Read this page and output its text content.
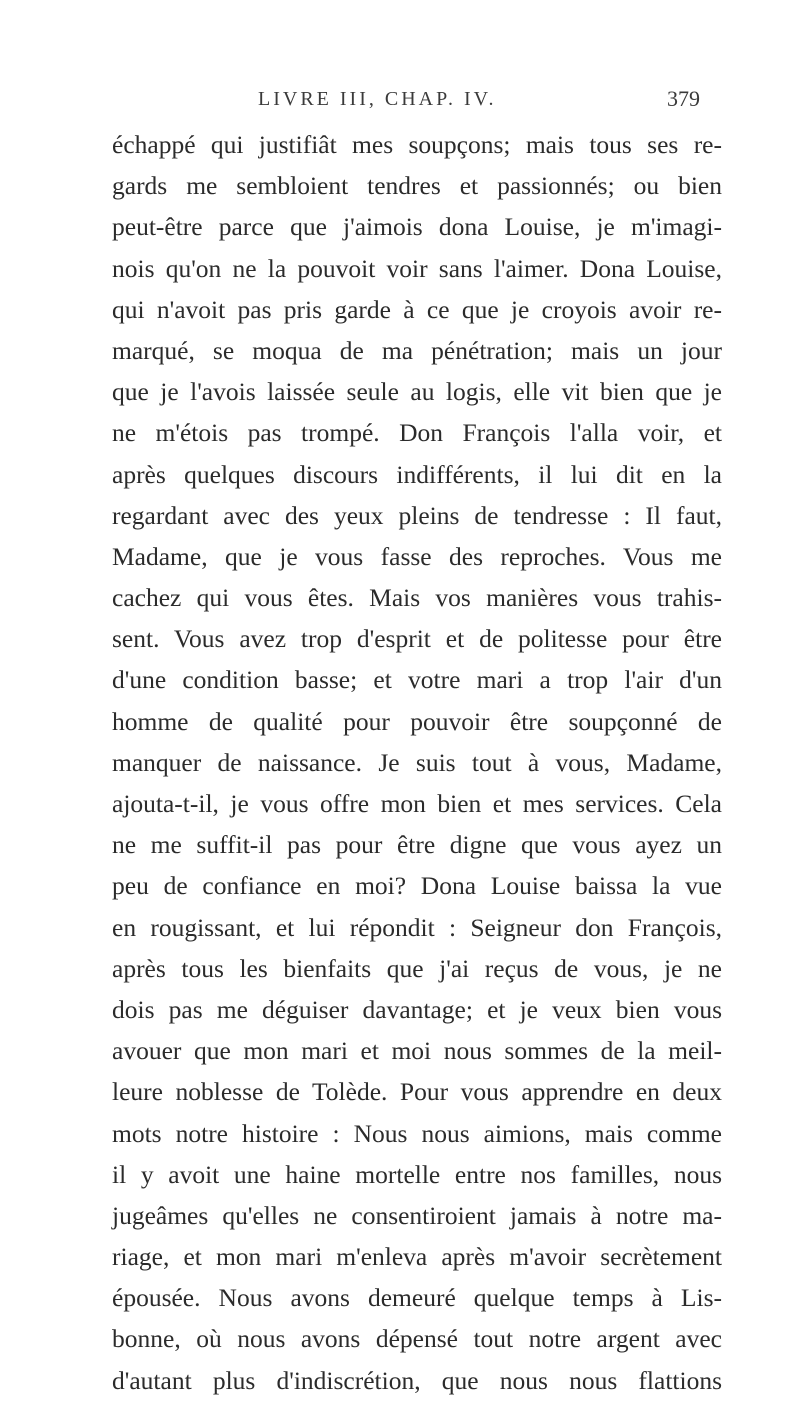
LIVRE III, CHAP. IV.	379
échappé qui justifiât mes soupçons; mais tous ses re-
gards me sembloient tendres et passionnés; ou bien
peut-être parce que j'aimois dona Louise, je m'imagi-
nois qu'on ne la pouvoit voir sans l'aimer. Dona Louise,
qui n'avoit pas pris garde à ce que je croyois avoir re-
marqué, se moqua de ma pénétration; mais un jour
que je l'avois laissée seule au logis, elle vit bien que je
ne m'étois pas trompé. Don François l'alla voir, et
après quelques discours indifférents, il lui dit en la
regardant avec des yeux pleins de tendresse : Il faut,
Madame, que je vous fasse des reproches. Vous me
cachez qui vous êtes. Mais vos manières vous trahis-
sent. Vous avez trop d'esprit et de politesse pour être
d'une condition basse; et votre mari a trop l'air d'un
homme de qualité pour pouvoir être soupçonné de
manquer de naissance. Je suis tout à vous, Madame,
ajouta-t-il, je vous offre mon bien et mes services. Cela
ne me suffit-il pas pour être digne que vous ayez un
peu de confiance en moi? Dona Louise baissa la vue
en rougissant, et lui répondit : Seigneur don François,
après tous les bienfaits que j'ai reçus de vous, je ne
dois pas me déguiser davantage; et je veux bien vous
avouer que mon mari et moi nous sommes de la meil-
leure noblesse de Tolède. Pour vous apprendre en deux
mots notre histoire : Nous nous aimions, mais comme
il y avoit une haine mortelle entre nos familles, nous
jugeâmes qu'elles ne consentiroient jamais à notre ma-
riage, et mon mari m'enleva après m'avoir secrètement
épousée. Nous avons demeuré quelque temps à Lis-
bonne, où nous avons dépensé tout notre argent avec
d'autant plus d'indiscrétion, que nous nous flattions
